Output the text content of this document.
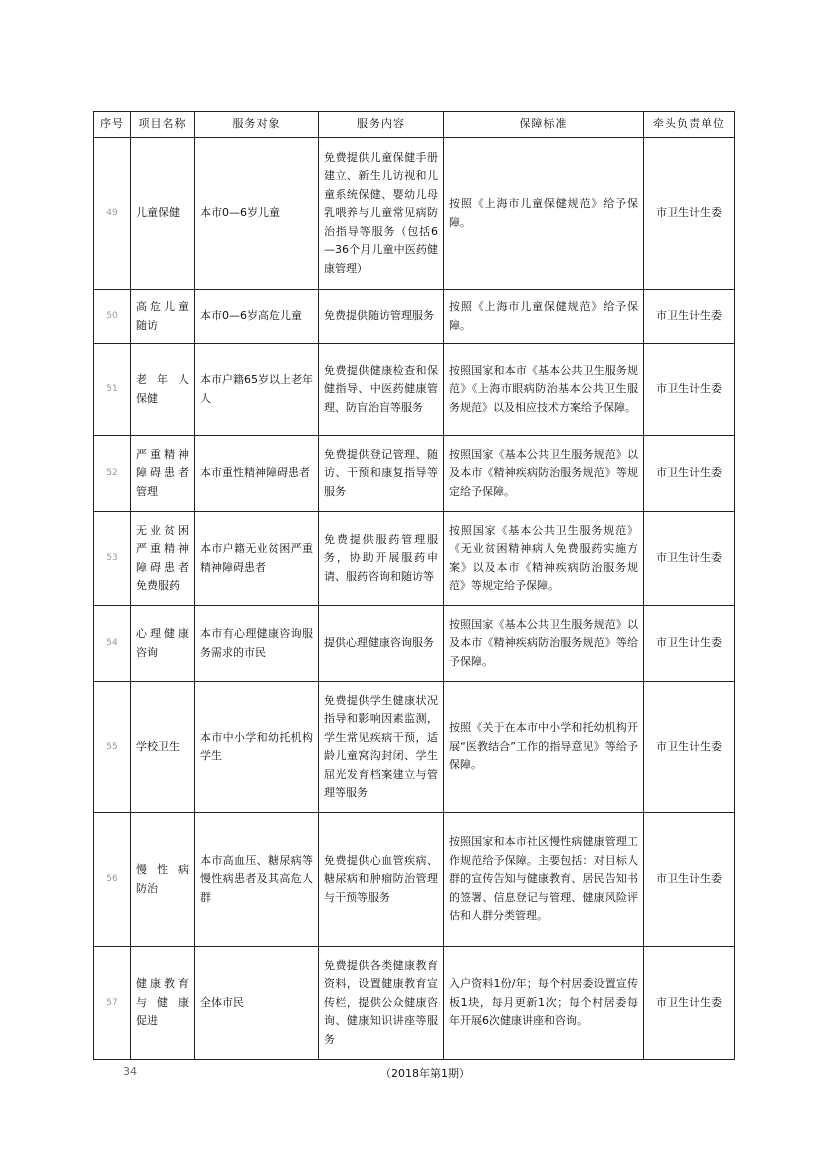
序号	项目名称	服务对象	服务内容	保障标准	牵头负责单位
49	儿童保健	本市0—6岁儿童	免费提供儿童保健手册建立、新生儿访视和儿童系统保健、婴幼儿母乳喂养与儿童常见病防治指导等服务（包括6—36个月儿童中医药健康管理）	按照《上海市儿童保健规范》给予保障。	市卫生计生委
50	高危儿童随访	本市0—6岁高危儿童	免费提供随访管理服务	按照《上海市儿童保健规范》给予保障。	市卫生计生委
51	老 年 人 保健	本市户籍65岁以上老年人	免费提供健康检查和保健指导、中医药健康管理、防盲治盲等服务	按照国家和本市《基本公共卫生服务规范》《上海市眼病防治基本公共卫生服务规范》以及相应技术方案给予保障。	市卫生计生委
52	严重精神障碍患者管理	本市重性精神障碍患者	免费提供登记管理、随访、干预和康复指导等服务	按照国家《基本公共卫生服务规范》以及本市《精神疾病防治服务规范》等规定给予保障。	市卫生计生委
53	无业贫困严重精神障碍患者免费服药	本市户籍无业贫困严重精神障碍患者	免费提供服药管理服务，协助开展服药申请、服药咨询和随访等	按照国家《基本公共卫生服务规范》《无业贫困精神病人免费服药实施方案》以及本市《精神疾病防治服务规范》等规定给予保障。	市卫生计生委
54	心理健康咨询	本市有心理健康咨询服务需求的市民	提供心理健康咨询服务	按照国家《基本公共卫生服务规范》以及本市《精神疾病防治服务规范》等给予保障。	市卫生计生委
55	学校卫生	本市中小学和幼托机构学生	免费提供学生健康状况指导和影响因素监测，学生常见疾病干预，适龄儿童窝沟封闭、学生屈光发育档案建立与管理等服务	按照《关于在本市中小学和托幼机构开展“医教结合”工作的指导意见》等给予保障。	市卫生计生委
56	慢 性 病 防治	本市高血压、糖尿病等慢性病患者及其高危人群	免费提供心血管疾病、糖尿病和肿瘤防治管理与干预等服务	按照国家和本市社区慢性病健康管理工作规范给予保障。主要包括：对目标人群的宣传告知与健康教育、居民告知书的签署、信息登记与管理、健康风险评估和人群分类管理。	市卫生计生委
57	健康教育与 健 康 促进	全体市民	免费提供各类健康教育资料，设置健康教育宣传栏，提供公众健康咨询、健康知识讲座等服务	入户资料1份/年；每个村居委设置宣传板1块，每月更新1次；每个村居委每年开展6次健康讲座和咨询。	市卫生计生委
34	（2018年第1期）
